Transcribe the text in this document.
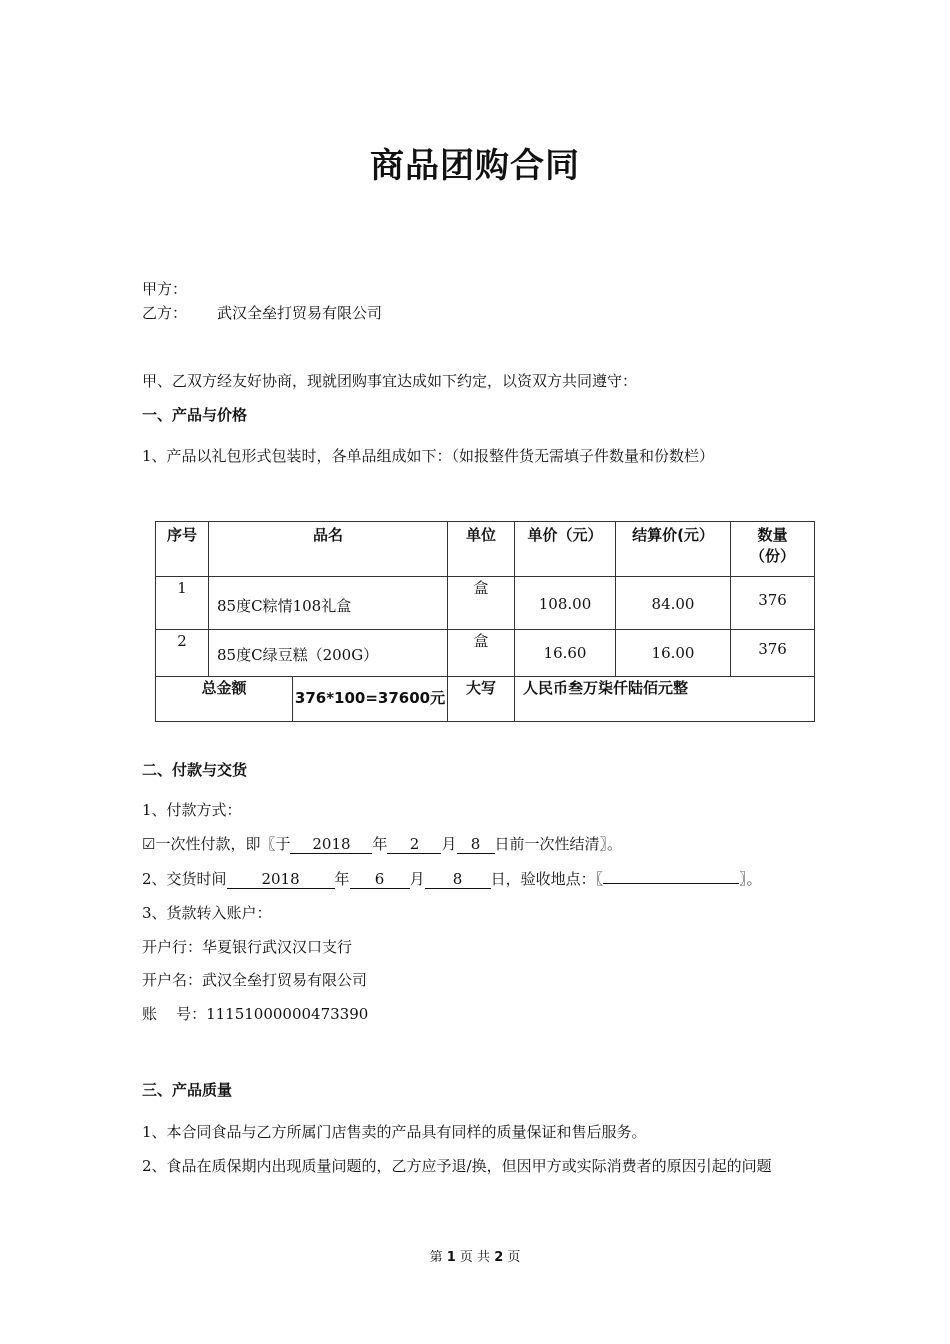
商品团购合同
甲方：
乙方： 武汉全垒打贸易有限公司
甲、乙双方经友好协商，现就团购事宜达成如下约定，以资双方共同遵守：
一、产品与价格
1、产品以礼包形式包装时，各单品组成如下：（如报整件货无需填子件数量和份数栏）
序号	品名		单位	单价（元）	结算价(元）	数量
（份）

1	85度C粽情108礼盒		盒	108.00	84.00	376
2	85度C绿豆糕（200G）		盒	16.60	16.00	376
总金额		376*100=37600元	大写	人民币叁万柒仟陆佰元整		
二、付款与交货
1、付款方式：
☑一次性付款，即〖于 2018 年 2 月 8 日前一次性结清〗。
2、交货时间 2018 年 6 月 8 日，验收地点：〖	〗。
3、货款转入账户：
开户行：华夏银行武汉汉口支行
开户名：武汉全垒打贸易有限公司
账    号：11151000000473390
三、产品质量
1、本合同食品与乙方所属门店售卖的产品具有同样的质量保证和售后服务。
2、食品在质保期内出现质量问题的，乙方应予退/换，但因甲方或实际消费者的原因引起的问题
第 1 页 共 2 页
